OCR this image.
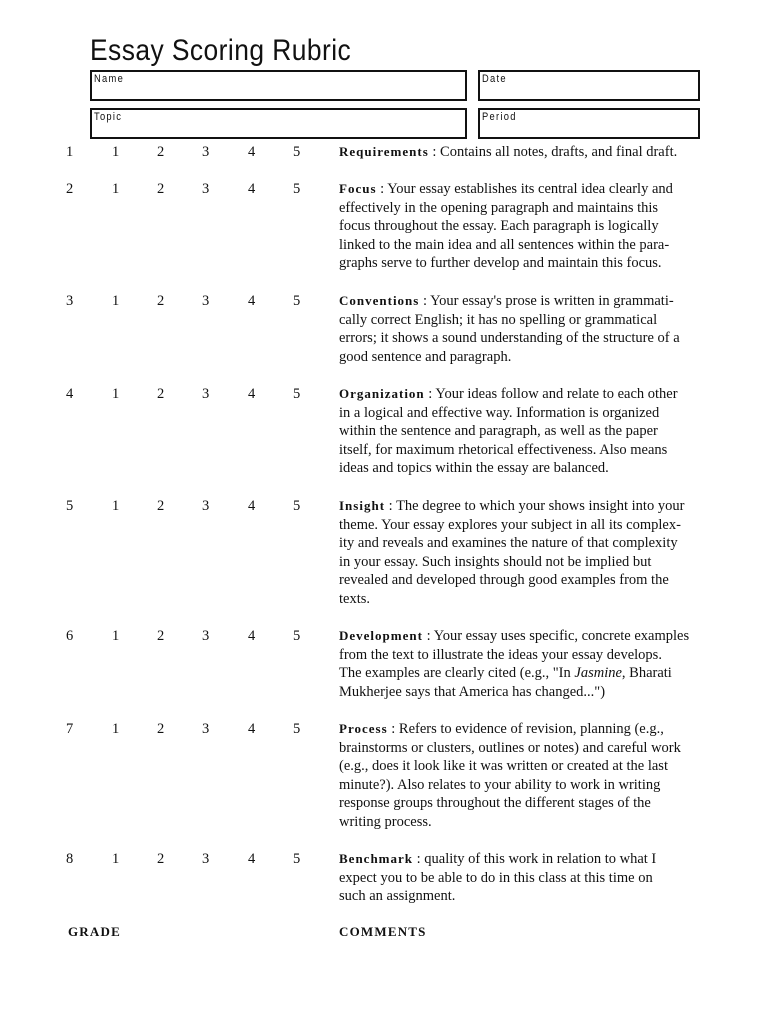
Essay Scoring Rubric
Name	Date
Topic	Period
1	1	2	3	4	5	Requirements : Contains all notes, drafts, and final draft.
2	1	2	3	4	5	Focus : Your essay establishes its central idea clearly and
effectively in the opening paragraph and maintains this
focus throughout the essay. Each paragraph is logically
linked to the main idea and all sentences within the para-
graphs serve to further develop and maintain this focus.
3	1	2	3	4	5	Conventions : Your essay's prose is written in grammati-
cally correct English; it has no spelling or grammatical
errors; it shows a sound understanding of the structure of a
good sentence and paragraph.
4	1	2	3	4	5	Organization : Your ideas follow and relate to each other
in a logical and effective way. Information is organized
within the sentence and paragraph, as well as the paper
itself, for maximum rhetorical effectiveness. Also means
ideas and topics within the essay are balanced.
5	1	2	3	4	5	Insight : The degree to which your shows insight into your
theme. Your essay explores your subject in all its complex-
ity and reveals and examines the nature of that complexity
in your essay. Such insights should not be implied but
revealed and developed through good examples from the
texts.
6	1	2	3	4	5	Development : Your essay uses specific, concrete examples
from the text to illustrate the ideas your essay develops.
The examples are clearly cited (e.g., "In Jasmine, Bharati
Mukherjee says that America has changed...")
7	1	2	3	4	5	Process : Refers to evidence of revision, planning (e.g.,
brainstorms or clusters, outlines or notes) and careful work
(e.g., does it look like it was written or created at the last
minute?). Also relates to your ability to work in writing
response groups throughout the different stages of the
writing process.
8	1	2	3	4	5	Benchmark : quality of this work in relation to what I
expect you to be able to do in this class at this time on
such an assignment.
GRADE	COMMENTS
